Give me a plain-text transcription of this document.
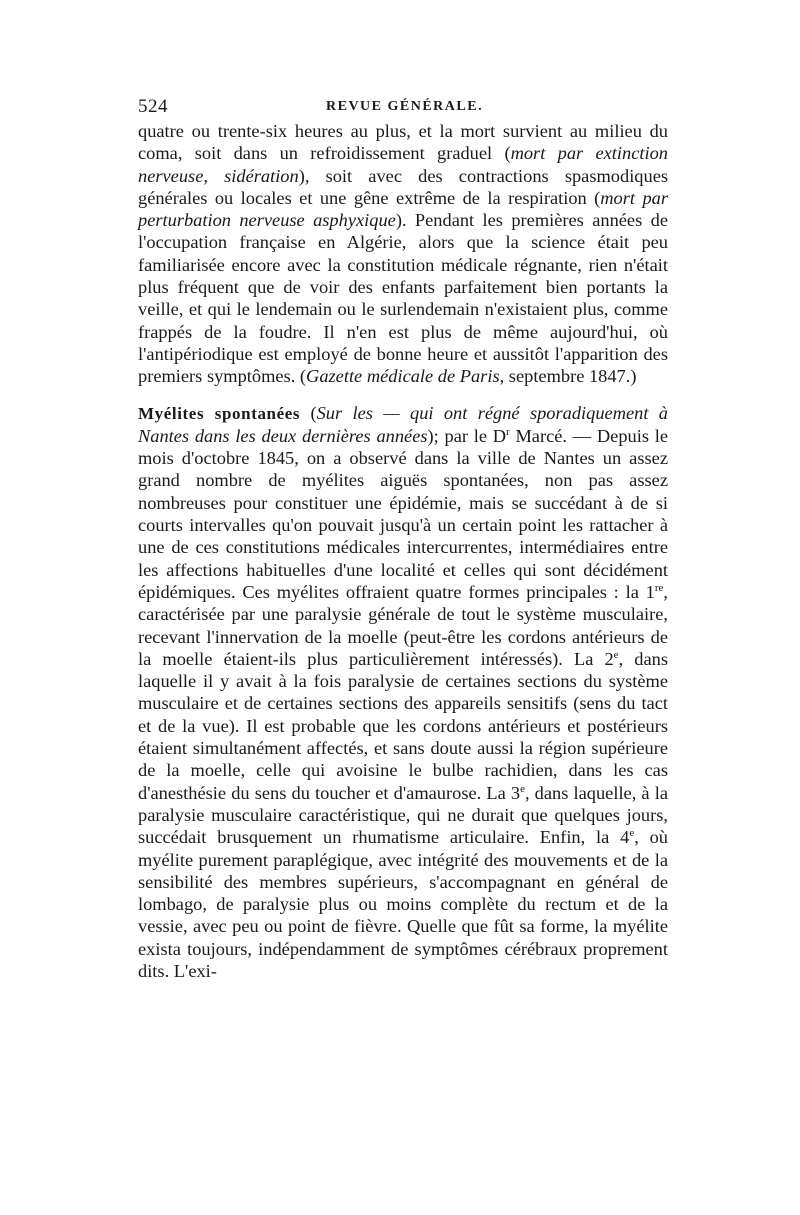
524	REVUE GÉNÉRALE.

quatre ou trente-six heures au plus, et la mort survient au milieu du coma, soit dans un refroidissement graduel (mort par extinction nerveuse, sidération), soit avec des contractions spasmodiques générales ou locales et une gêne extrême de la respiration (mort par perturbation nerveuse asphyxique). Pendant les premières années de l'occupation française en Algérie, alors que la science était peu familiarisée encore avec la constitution médicale régnante, rien n'était plus fréquent que de voir des enfants parfaitement bien portants la veille, et qui le lendemain ou le surlendemain n'existaient plus, comme frappés de la foudre. Il n'en est plus de même aujourd'hui, où l'antipériodique est employé de bonne heure et aussitôt l'apparition des premiers symptômes. (Gazette médicale de Paris, septembre 1847.)

Myélites spontanées (Sur les — qui ont régné sporadiquement à Nantes dans les deux dernières années); par le $D^r$ Marcé. — Depuis le mois d'octobre 1845, on a observé dans la ville de Nantes un assez grand nombre de myélites aiguës spontanées, non pas assez nombreuses pour constituer une épidémie, mais se succédant à de si courts intervalles qu'on pouvait jusqu'à un certain point les rattacher à une de ces constitutions médicales intercurrentes, intermédiaires entre les affections habituelles d'une localité et celles qui sont décidément épidémiques. Ces myélites offraient quatre formes principales : la 1re, caractérisée par une paralysie générale de tout le système musculaire, recevant l'innervation de la moelle (peut-être les cordons antérieurs de la moelle étaient-ils plus particulièrement intéressés). La 2e, dans laquelle il y avait à la fois paralysie de certaines sections du système musculaire et de certaines sections des appareils sensitifs (sens du tact et de la vue). Il est probable que les cordons antérieurs et postérieurs étaient simultanément affectés, et sans doute aussi la région supérieure de la moelle, celle qui avoisine le bulbe rachidien, dans les cas d'anesthésie du sens du toucher et d'amaurose. La 3e, dans laquelle, à la paralysie musculaire caractéristique, qui ne durait que quelques jours, succédait brusquement un rhumatisme articulaire. Enfin, la 4e, où myélite purement paraplégique, avec intégrité des mouvements et de la sensibilité des membres supérieurs, s'accompagnant en général de lombago, de paralysie plus ou moins complète du rectum et de la vessie, avec peu ou point de fièvre. Quelle que fût sa forme, la myélite exista toujours, indépendamment de symptômes cérébraux proprement dits. L'exi-
